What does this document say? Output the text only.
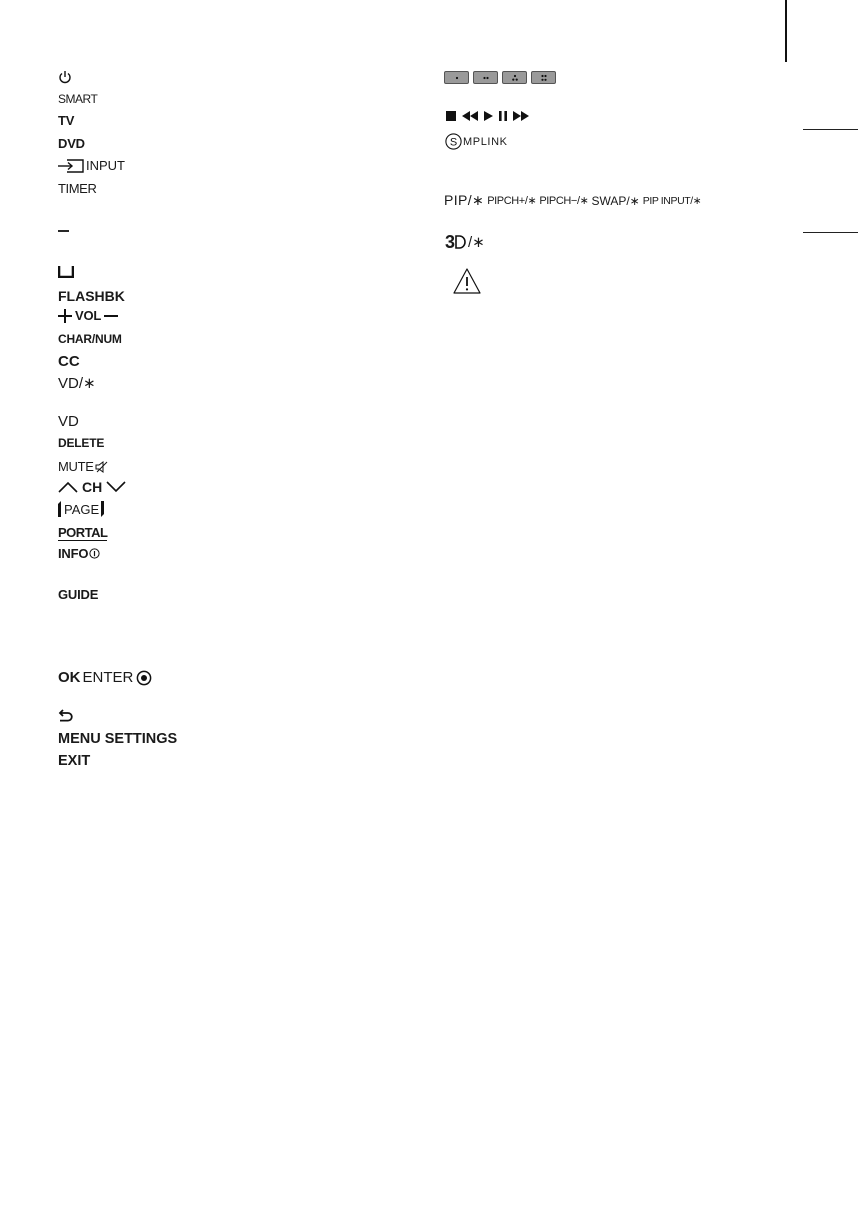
SMART
TV
DVD
INPUT
TIMER
FLASHBK
VOL
CHAR/NUM
CC
VD/∗
VD
DELETE
MUTE
CH
PAGE
PORTAL
INFO
GUIDE
OK ENTER
MENU SETTINGS
EXIT
S MPLINK
PIP/∗ PIPCH+/∗ PIPCH−/∗ SWAP/∗ PIP INPUT/∗
3 /∗
